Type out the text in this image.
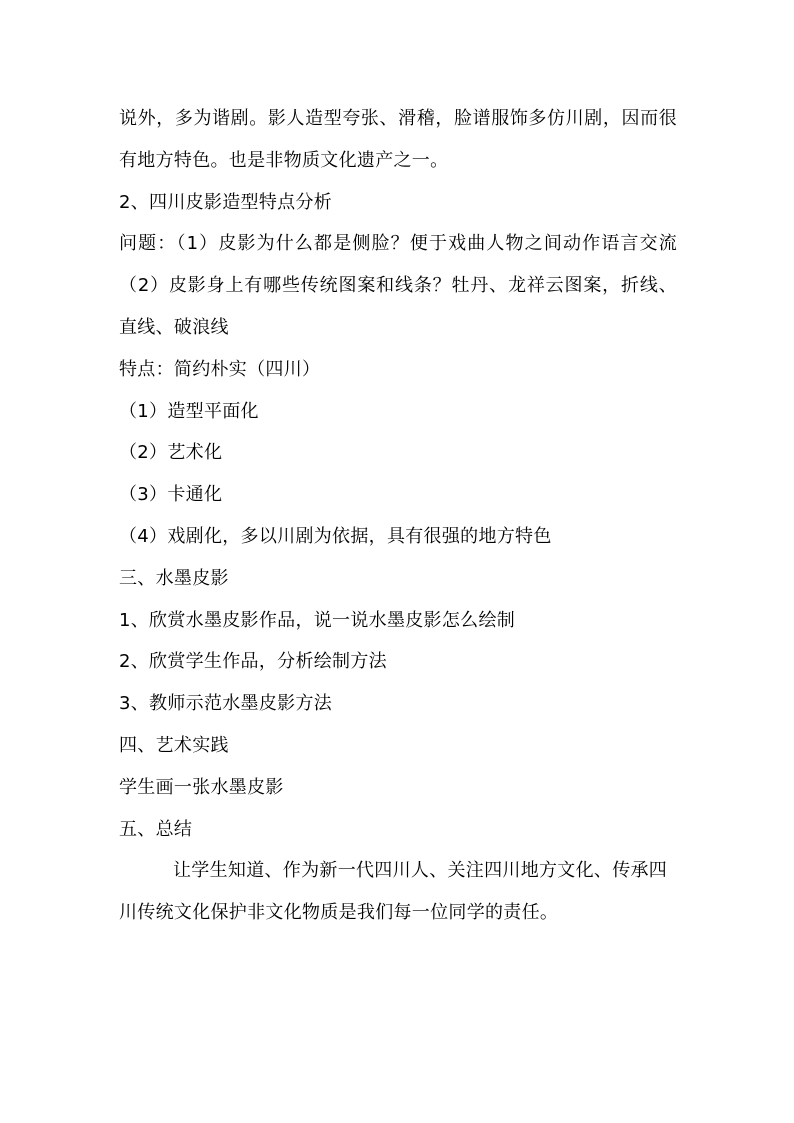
说外，多为谐剧。影人造型夸张、滑稽，脸谱服饰多仿川剧，因而很
有地方特色。也是非物质文化遗产之一。
2、四川皮影造型特点分析
问题：（1）皮影为什么都是侧脸？便于戏曲人物之间动作语言交流
（2）皮影身上有哪些传统图案和线条？牡丹、龙祥云图案，折线、
直线、破浪线
特点：简约朴实（四川）
（1）造型平面化
（2）艺术化
（3）卡通化
（4）戏剧化，多以川剧为依据，具有很强的地方特色
三、水墨皮影
1、欣赏水墨皮影作品，说一说水墨皮影怎么绘制
2、欣赏学生作品，分析绘制方法
3、教师示范水墨皮影方法
四、艺术实践
学生画一张水墨皮影
五、总结
让学生知道、作为新一代四川人、关注四川地方文化、传承四
川传统文化保护非文化物质是我们每一位同学的责任。
